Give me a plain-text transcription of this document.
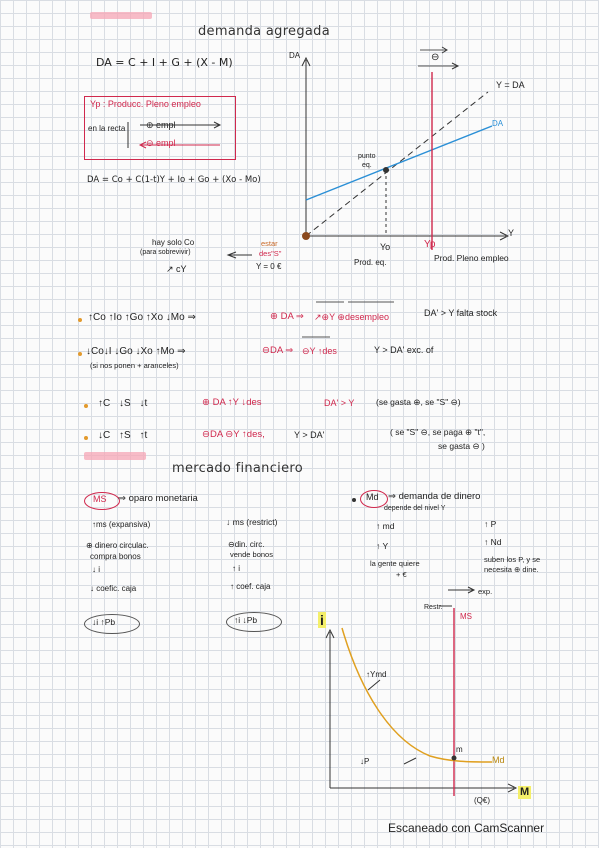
demanda agregada
DA = C + I + G + (X - M)
Yp : Producc. Pleno empleo
en la recta ⊕ empl
⊖ empl
DA = Co + C(1-t)Y + Io + Go + (Xo - Mo)
DA
Y
Y = DA
DA
punto
eq.
Yo	Yp
Prod. eq.	Prod. Pleno empleo
estar
des"S"
Y = 0 €
hay solo Co
(para sobrevivir)
↗ cY
⊖
↑Co ↑Io ↑Go ↑Xo ↓Mo ⇒	⊕ DA ⇒ ↗⊕Y ⊕desempleo	DA' > Y falta stock
↓Co↓I ↓Go ↓Xo ↑Mo ⇒	⊖DA ⇒ ⊖Y ↑des	Y > DA' exc. of
(si nos ponen + aranceles)
↑C ↓S ↓t	⊕ DA ↑Y ↓des	DA' > Y	(se gasta ⊕, se "S" ⊖)
↓C ↑S ↑t	⊖DA ⊖Y ↑des,	Y > DA'	( se "S" ⊖, se paga ⊕ "t",
se gasta ⊖ )
mercado financiero
MS ⇒ oparo monetaria	Md ⇒ demanda de dinero
depende del nivel Y
↑ms (expansiva)
⊕ dinero circulac.
compra bonos
↓ i
↓ coefic. caja
↓ ms (restrict)
⊖din. circ.
vende bonos
↑ i
↑ coef. caja
↑ md
↑ Y
la gente quiere
+ €
↑ P
↑ Nd
suben los P, y se
necesita ⊕ dine.
↓i ↑Pb	↑i ↓Pb	i
M
MS
Md
m
exp.
Restr.
↑Ymd
↓P
(Q€)
Escaneado con CamScanner
